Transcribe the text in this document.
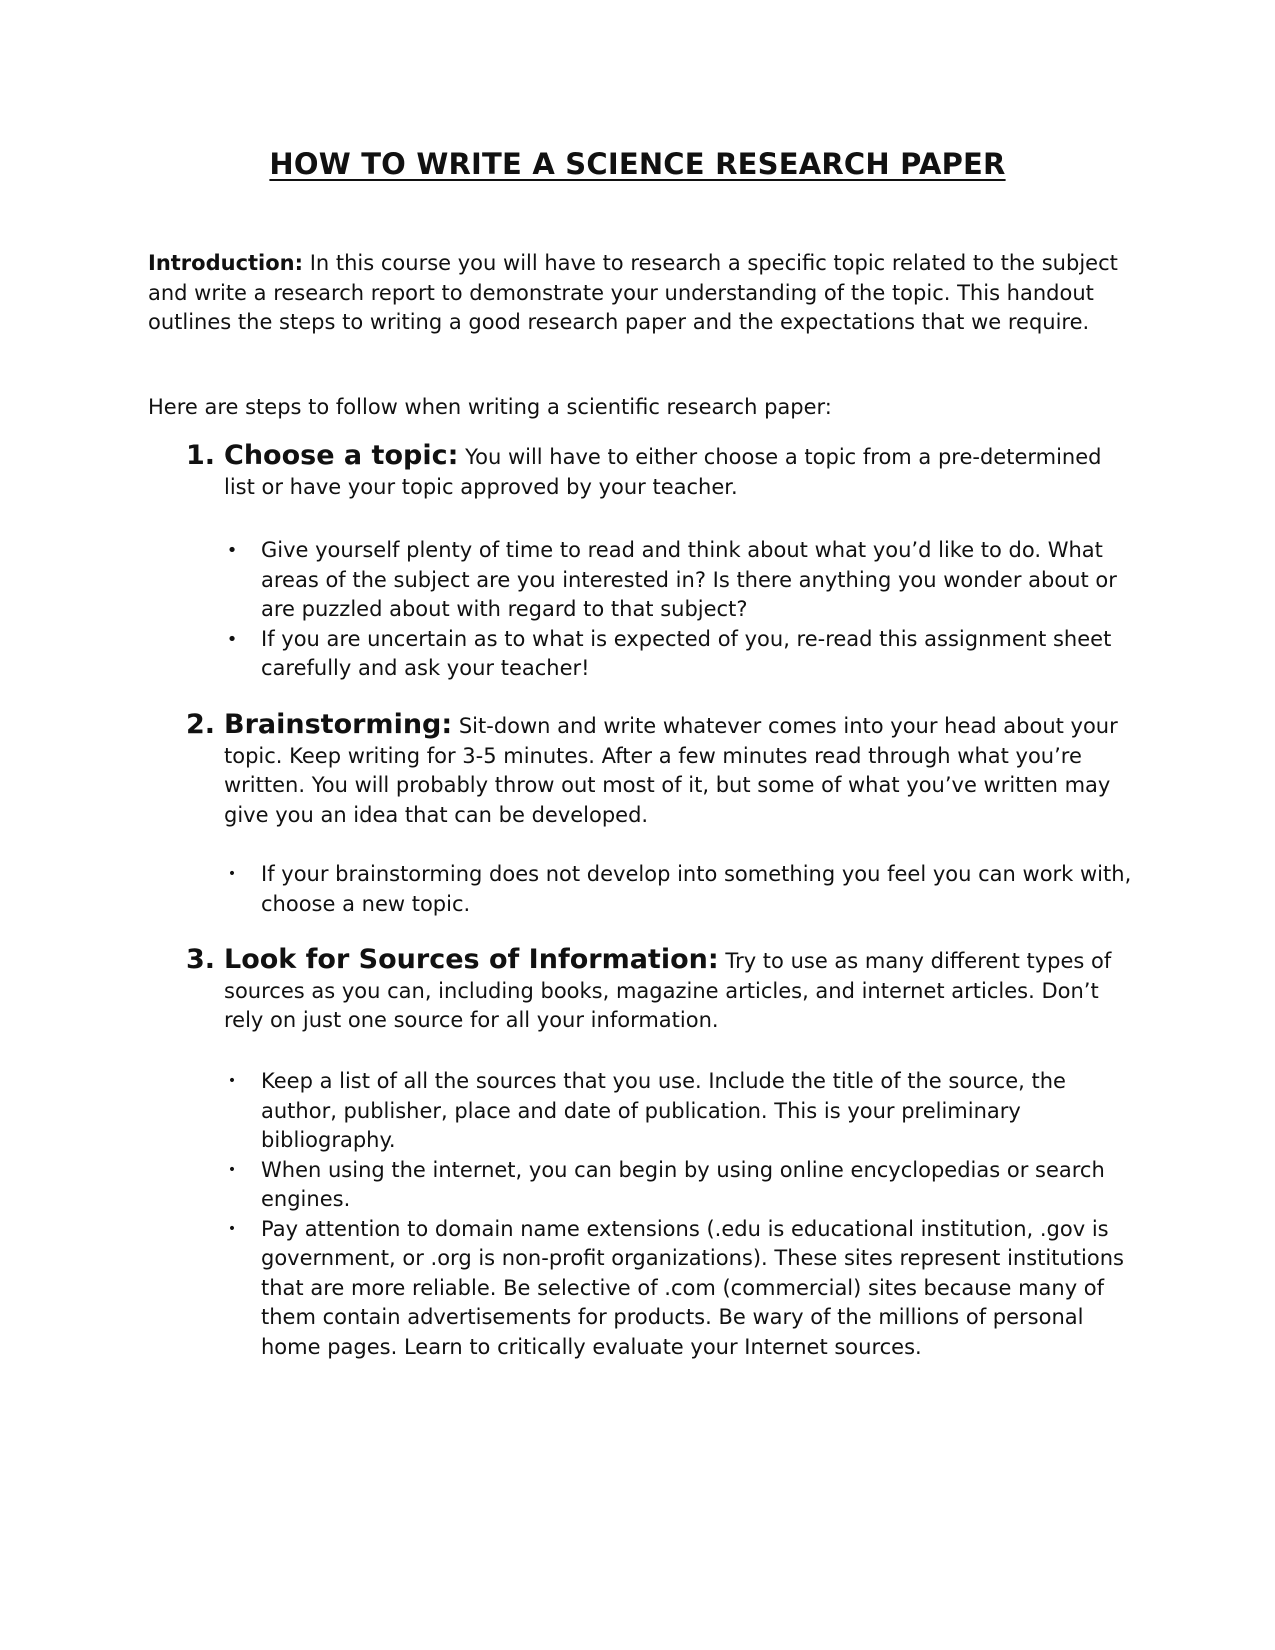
HOW TO WRITE A SCIENCE RESEARCH PAPER

Introduction: In this course you will have to research a specific topic related to the subject and write a research report to demonstrate your understanding of the topic. This handout outlines the steps to writing a good research paper and the expectations that we require.

Here are steps to follow when writing a scientific research paper:

1. Choose a topic: You will have to either choose a topic from a pre-determined list or have your topic approved by your teacher.

• Give yourself plenty of time to read and think about what you’d like to do. What areas of the subject are you interested in? Is there anything you wonder about or are puzzled about with regard to that subject?
• If you are uncertain as to what is expected of you, re-read this assignment sheet carefully and ask your teacher!

2. Brainstorming: Sit-down and write whatever comes into your head about your topic. Keep writing for 3-5 minutes. After a few minutes read through what you’re written. You will probably throw out most of it, but some of what you’ve written may give you an idea that can be developed.

• If your brainstorming does not develop into something you feel you can work with, choose a new topic.

3. Look for Sources of Information: Try to use as many different types of sources as you can, including books, magazine articles, and internet articles. Don’t rely on just one source for all your information.

• Keep a list of all the sources that you use. Include the title of the source, the author, publisher, place and date of publication. This is your preliminary bibliography.
• When using the internet, you can begin by using online encyclopedias or search engines.
• Pay attention to domain name extensions (.edu is educational institution, .gov is government, or .org is non-profit organizations). These sites represent institutions that are more reliable. Be selective of .com (commercial) sites because many of them contain advertisements for products. Be wary of the millions of personal home pages. Learn to critically evaluate your Internet sources.
